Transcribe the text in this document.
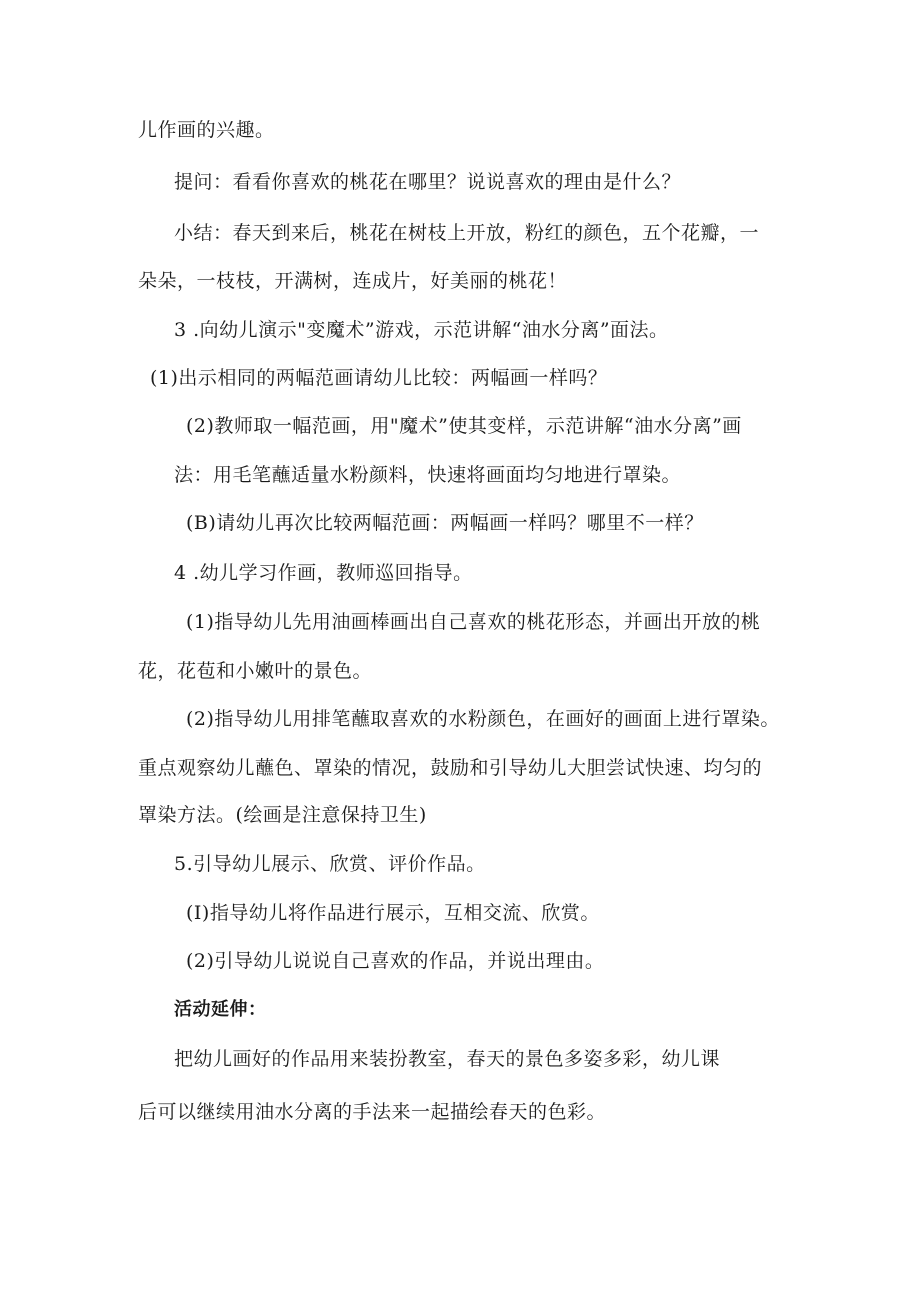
儿作画的兴趣。
提问：看看你喜欢的桃花在哪里？说说喜欢的理由是什么？
小结：春天到来后，桃花在树枝上开放，粉红的颜色，五个花瓣，一
朵朵，一枝枝，开满树，连成片，好美丽的桃花！
3 .向幼儿演示"变魔术”游戏，示范讲解“油水分离”面法。
(1)出示相同的两幅范画请幼儿比较：两幅画一样吗？
(2)教师取一幅范画，用"魔术”使其变样，示范讲解“油水分离”画
法：用毛笔蘸适量水粉颜料，快速将画面均匀地进行罩染。
(B)请幼儿再次比较两幅范画：两幅画一样吗？哪里不一样？
4 .幼儿学习作画，教师巡回指导。
(1)指导幼儿先用油画棒画出自己喜欢的桃花形态，并画出开放的桃
花，花苞和小嫩叶的景色。
(2)指导幼儿用排笔蘸取喜欢的水粉颜色，在画好的画面上进行罩染。
重点观察幼儿蘸色、罩染的情况，鼓励和引导幼儿大胆尝试快速、均匀的
罩染方法。(绘画是注意保持卫生)
5.引导幼儿展示、欣赏、评价作品。
(I)指导幼儿将作品进行展示，互相交流、欣赏。
(2)引导幼儿说说自己喜欢的作品，并说出理由。
活动延伸：
把幼儿画好的作品用来装扮教室，春天的景色多姿多彩，幼儿课
后可以继续用油水分离的手法来一起描绘春天的色彩。
